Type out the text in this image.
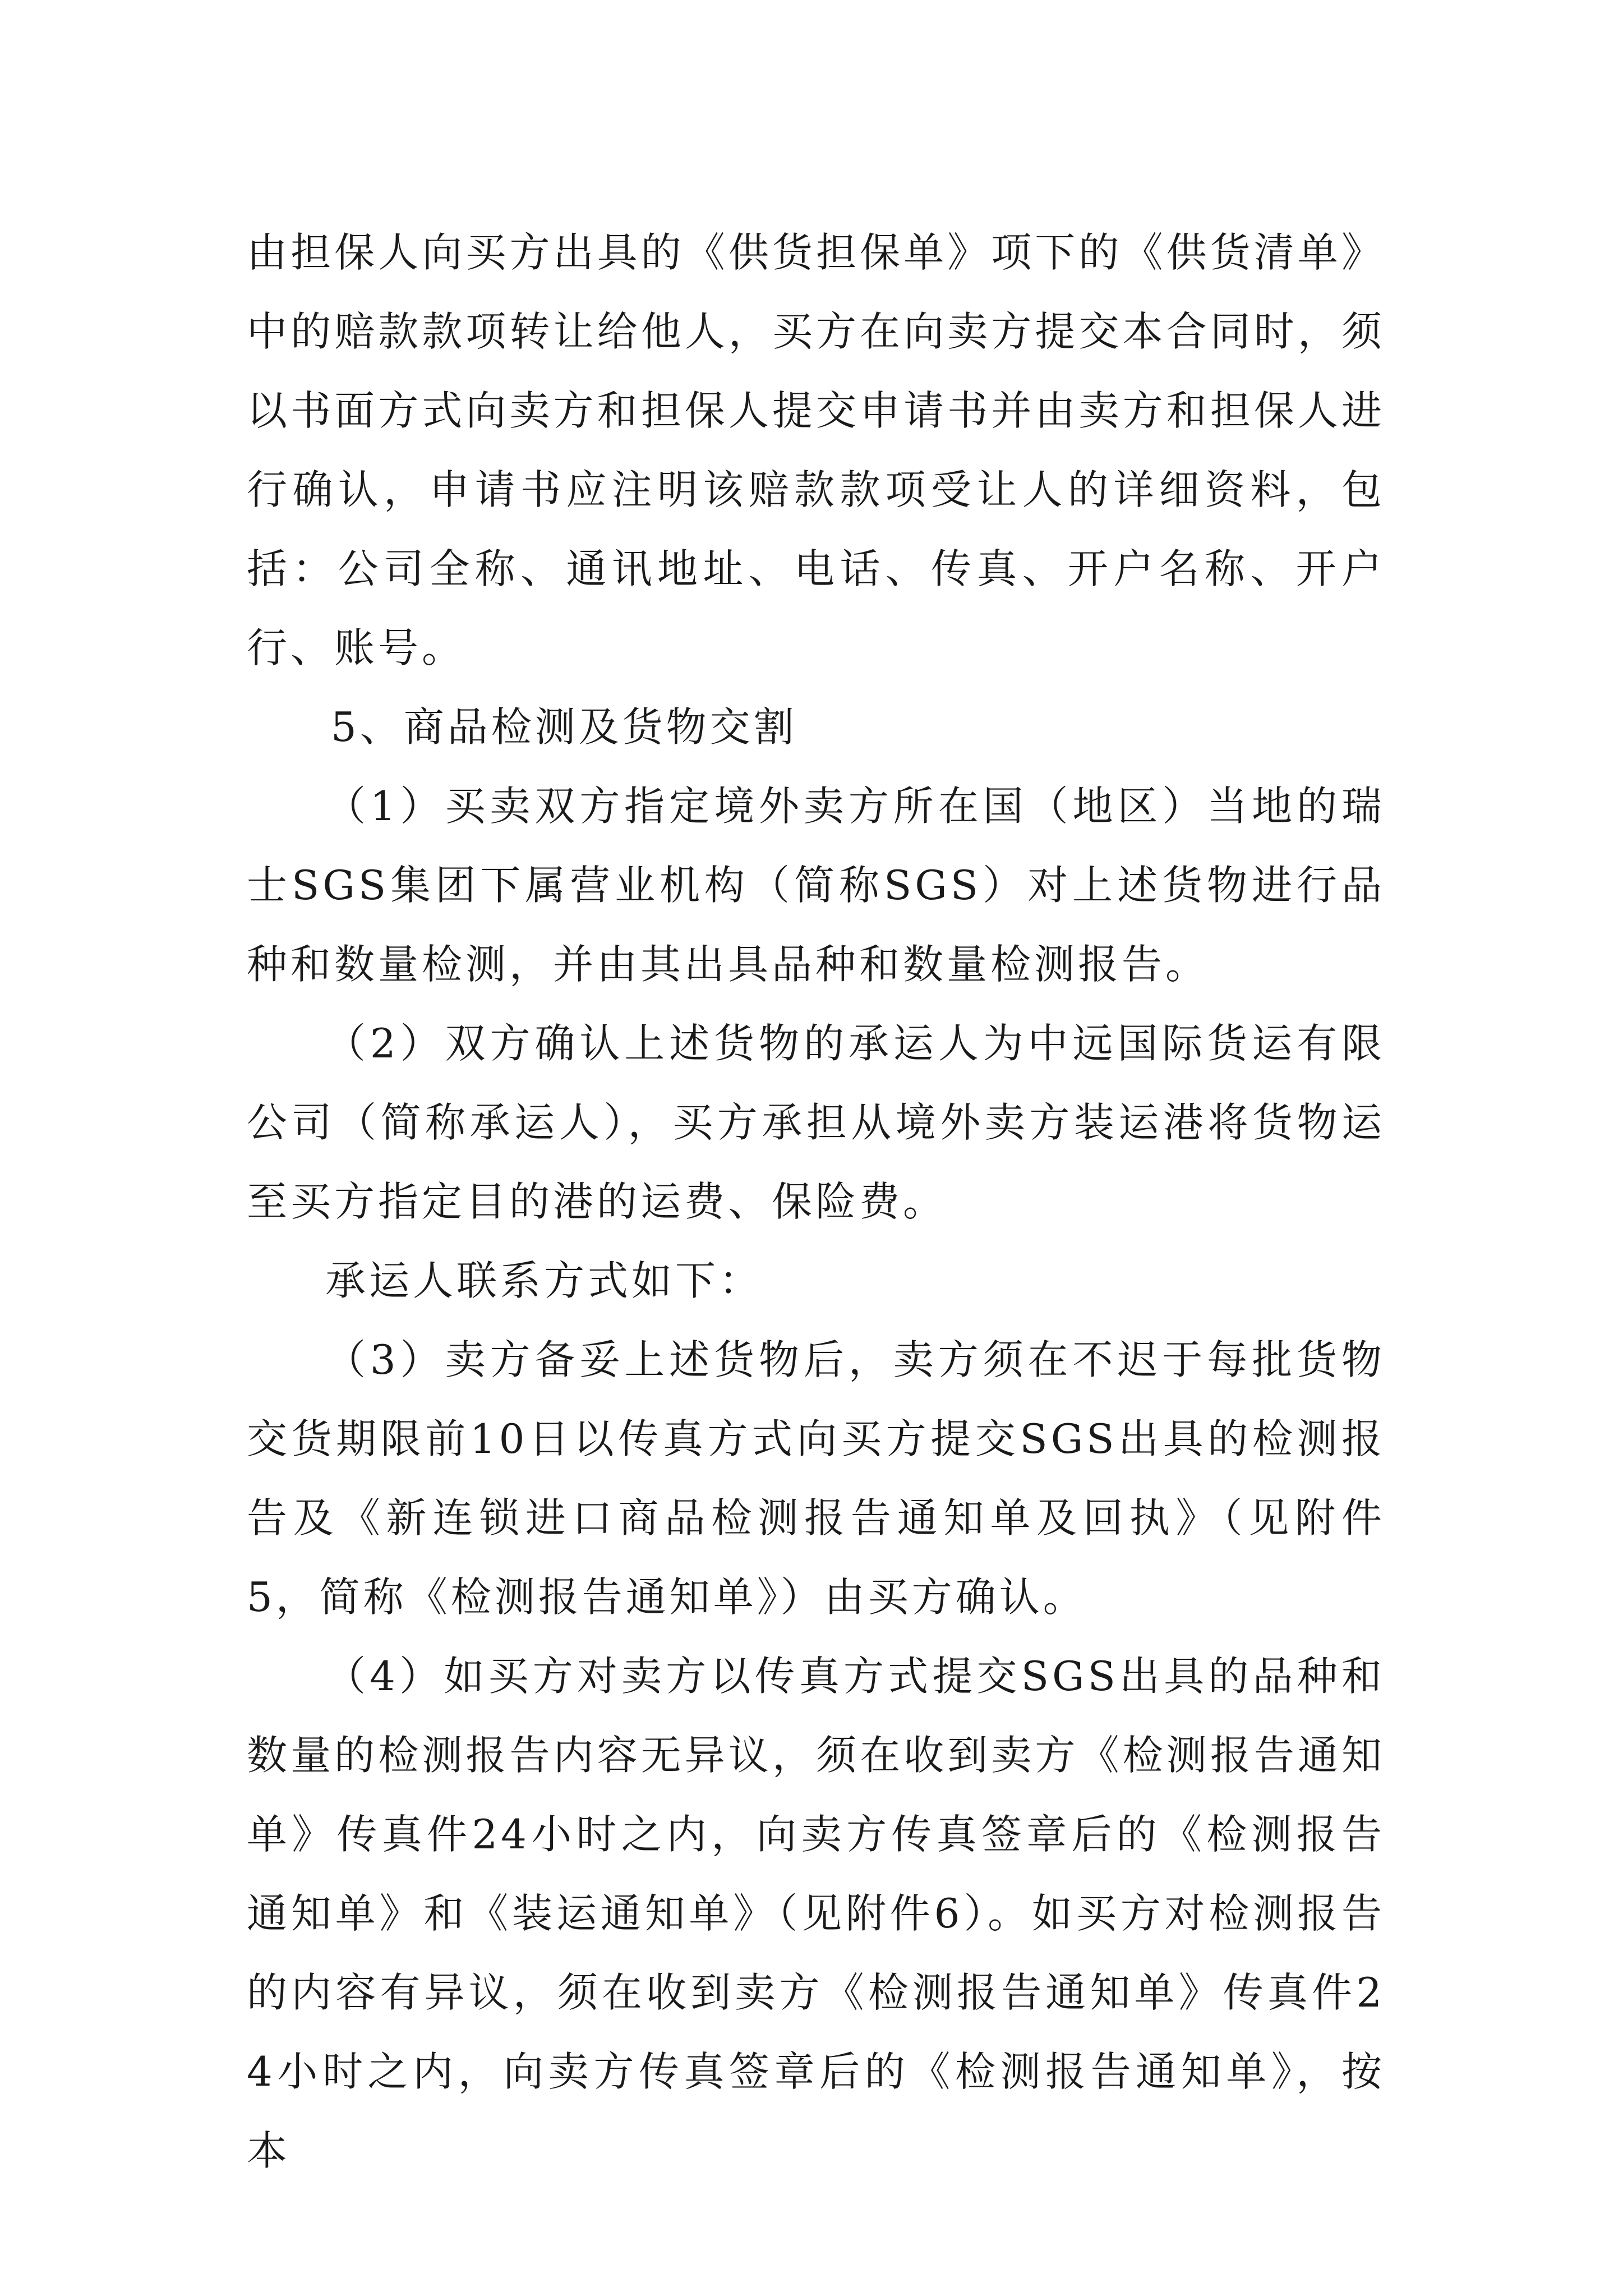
由担保人向买方出具的《供货担保单》项下的《供货清单》中的赔款款项转让给他人，买方在向卖方提交本合同时，须以书面方式向卖方和担保人提交申请书并由卖方和担保人进行确认，申请书应注明该赔款款项受让人的详细资料，包括：公司全称、通讯地址、电话、传真、开户名称、开户行、账号。

5、商品检测及货物交割

（1）买卖双方指定境外卖方所在国（地区）当地的瑞士SGS集团下属营业机构（简称SGS）对上述货物进行品种和数量检测，并由其出具品种和数量检测报告。

（2）双方确认上述货物的承运人为中远国际货运有限公司（简称承运人），买方承担从境外卖方装运港将货物运至买方指定目的港的运费、保险费。

承运人联系方式如下：

（3）卖方备妥上述货物后，卖方须在不迟于每批货物交货期限前10日以传真方式向买方提交SGS出具的检测报告及《新连锁进口商品检测报告通知单及回执》（见附件5，简称《检测报告通知单》）由买方确认。

（4）如买方对卖方以传真方式提交SGS出具的品种和数量的检测报告内容无异议，须在收到卖方《检测报告通知单》传真件24小时之内，向卖方传真签章后的《检测报告通知单》和《装运通知单》（见附件6）。如买方对检测报告的内容有异议，须在收到卖方《检测报告通知单》传真件24小时之内，向卖方传真签章后的《检测报告通知单》，按本
